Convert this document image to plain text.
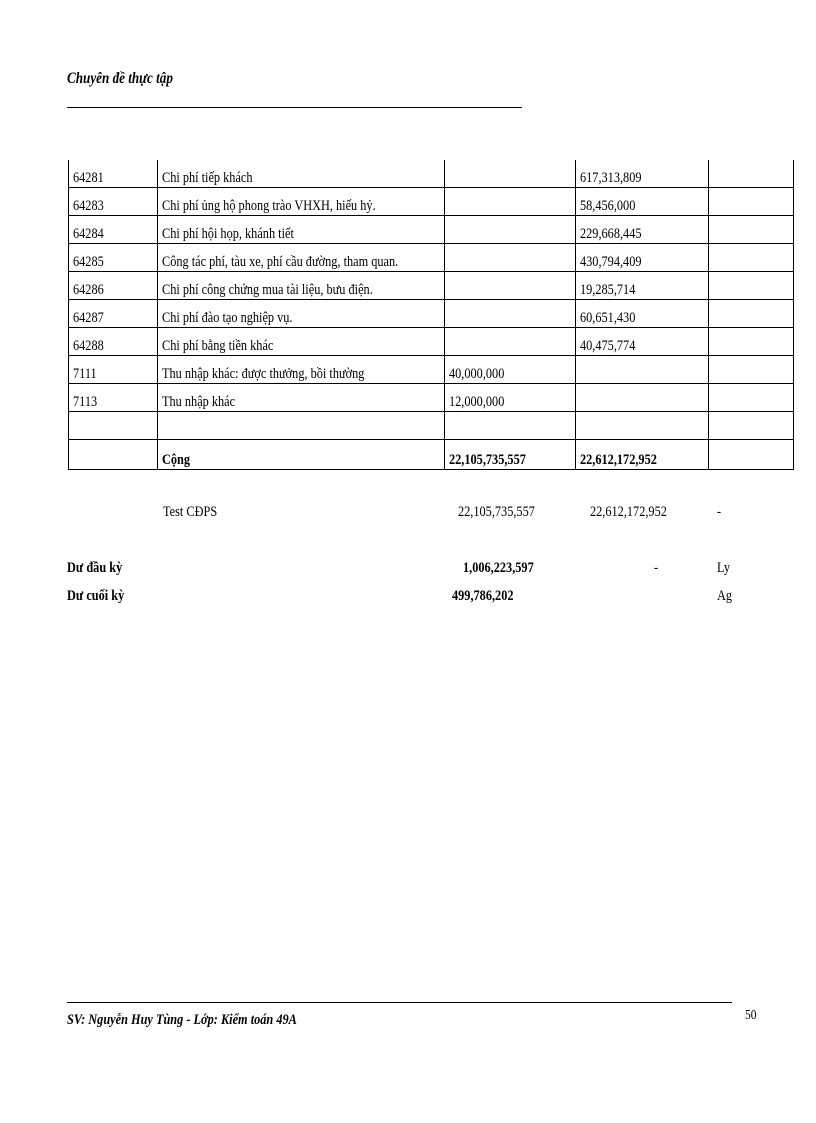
Chuyên đề thực tập
64281	Chi phí tiếp khách		617,313,809	
64283	Chi phí ủng hộ phong trào VHXH, hiếu hỷ.		58,456,000	
64284	Chi phí hội họp, khánh tiết		229,668,445	
64285	Công tác phí, tàu xe, phí cầu đường, tham quan.		430,794,409	
64286	Chi phí công chứng mua tài liệu, bưu điện.		19,285,714	
64287	Chi phí đào tạo nghiệp vụ.		60,651,430	
64288	Chi phí bằng tiền khác		40,475,774	
7111	Thu nhập khác: được thưởng, bồi thường	40,000,000		
7113	Thu nhập khác	12,000,000		

	Cộng	22,105,735,557	22,612,172,952	
Test CĐPS	22,105,735,557	22,612,172,952	-
Dư đầu kỳ	1,006,223,597	-	Ly
Dư cuối kỳ	499,786,202	Ag
SV: Nguyễn Huy Tùng - Lớp: Kiểm toán 49A	50
